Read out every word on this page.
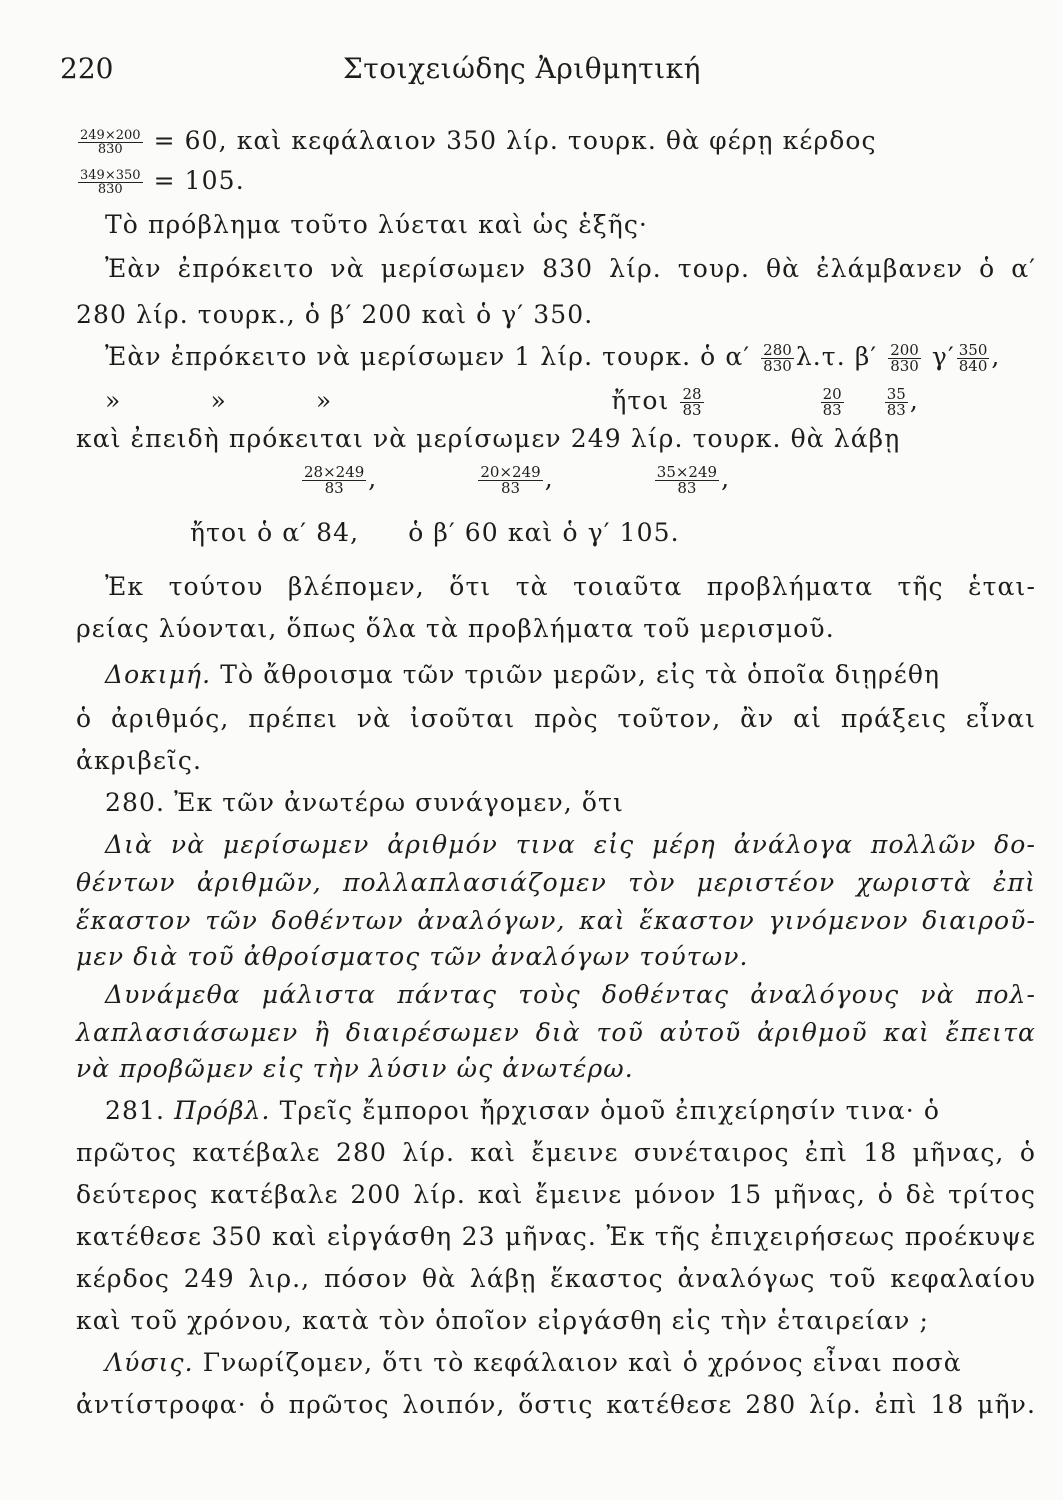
220	Στοιχειώδης Ἀριθμητική
$\frac{249\times 200}{830} = 60$, καὶ κεφάλαιον 350 λίρ. τουρκ. θὰ φέρῃ κέρδος
$\frac{349\times 350}{830} = 105$.
Τὸ πρόβλημα τοῦτο λύεται καὶ ὡς ἑξῆς·
Ἐὰν ἐπρόκειτο νὰ μερίσωμεν 830 λίρ. τουρ. θὰ ἐλάμβανεν ὁ α′
280 λίρ. τουρκ., ὁ β′ 200 καὶ ὁ γ′ 350.
Ἐὰν ἐπρόκειτο νὰ μερίσωμεν 1 λίρ. τουρκ. ὁ $\alpha' \frac{280}{830} \lambda.\tau$. $\beta' \frac{200}{830} \gamma' \frac{350}{840}$ ,
»	»	»	ἤτοι $\frac{28}{83}$
	$\frac{20}{83}$
	$\frac{35}{83}$ ,
καὶ ἐπειδὴ πρόκειται νὰ μερίσωμεν 249 λίρ. τουρκ. θὰ λάβῃ
$\frac{28\times 249}{83}$ ,	$\frac{20\times 249}{83}$ ,	$\frac{35\times 249}{83}$ ,
ἤτοι ὁ α′ 84, ὁ β′ 60 καὶ ὁ γ′ 105.
Ἐκ τούτου βλέπομεν, ὅτι τὰ τοιαῦτα προβλήματα τῆς ἑται-
ρείας λύονται, ὅπως ὅλα τὰ προβλήματα τοῦ μερισμοῦ.
Δοκιμή. Τὸ ἄθροισμα τῶν τριῶν μερῶν, εἰς τὰ ὁποῖα διῃρέθη
ὁ ἀριθμός, πρέπει νὰ ἰσοῦται πρὸς τοῦτον, ἂν αἱ πράξεις εἶναι
ἀκριβεῖς.
280. Ἐκ τῶν ἀνωτέρω συνάγομεν, ὅτι
Διὰ νὰ μερίσωμεν ἀριθμόν τινα εἰς μέρη ἀνάλογα πολλῶν δο-
θέντων ἀριθμῶν, πολλαπλασιάζομεν τὸν μεριστέον χωριστὰ ἐπὶ
ἕκαστον τῶν δοθέντων ἀναλόγων, καὶ ἕκαστον γινόμενον διαιροῦ-
μεν διὰ τοῦ ἀθροίσματος τῶν ἀναλόγων τούτων.
Δυνάμεθα μάλιστα πάντας τοὺς δοθέντας ἀναλόγους νὰ πολ-
λαπλασιάσωμεν ἢ διαιρέσωμεν διὰ τοῦ αὐτοῦ ἀριθμοῦ καὶ ἔπειτα
νὰ προβῶμεν εἰς τὴν λύσιν ὡς ἀνωτέρω.
281. Πρόβλ. Τρεῖς ἔμποροι ἤρχισαν ὁμοῦ ἐπιχείρησίν τινα· ὁ
πρῶτος κατέβαλε 280 λίρ. καὶ ἔμεινε συνέταιρος ἐπὶ 18 μῆνας, ὁ
δεύτερος κατέβαλε 200 λίρ. καὶ ἔμεινε μόνον 15 μῆνας, ὁ δὲ τρίτος
κατέθεσε 350 καὶ εἰργάσθη 23 μῆνας. Ἐκ τῆς ἐπιχειρήσεως προέκυψε
κέρδος 249 λιρ., πόσον θὰ λάβῃ ἕκαστος ἀναλόγως τοῦ κεφαλαίου
καὶ τοῦ χρόνου, κατὰ τὸν ὁποῖον εἰργάσθη εἰς τὴν ἑταιρείαν ;
Λύσις. Γνωρίζομεν, ὅτι τὸ κεφάλαιον καὶ ὁ χρόνος εἶναι ποσὰ
ἀντίστροφα· ὁ πρῶτος λοιπόν, ὅστις κατέθεσε 280 λίρ. ἐπὶ 18 μῆν.
